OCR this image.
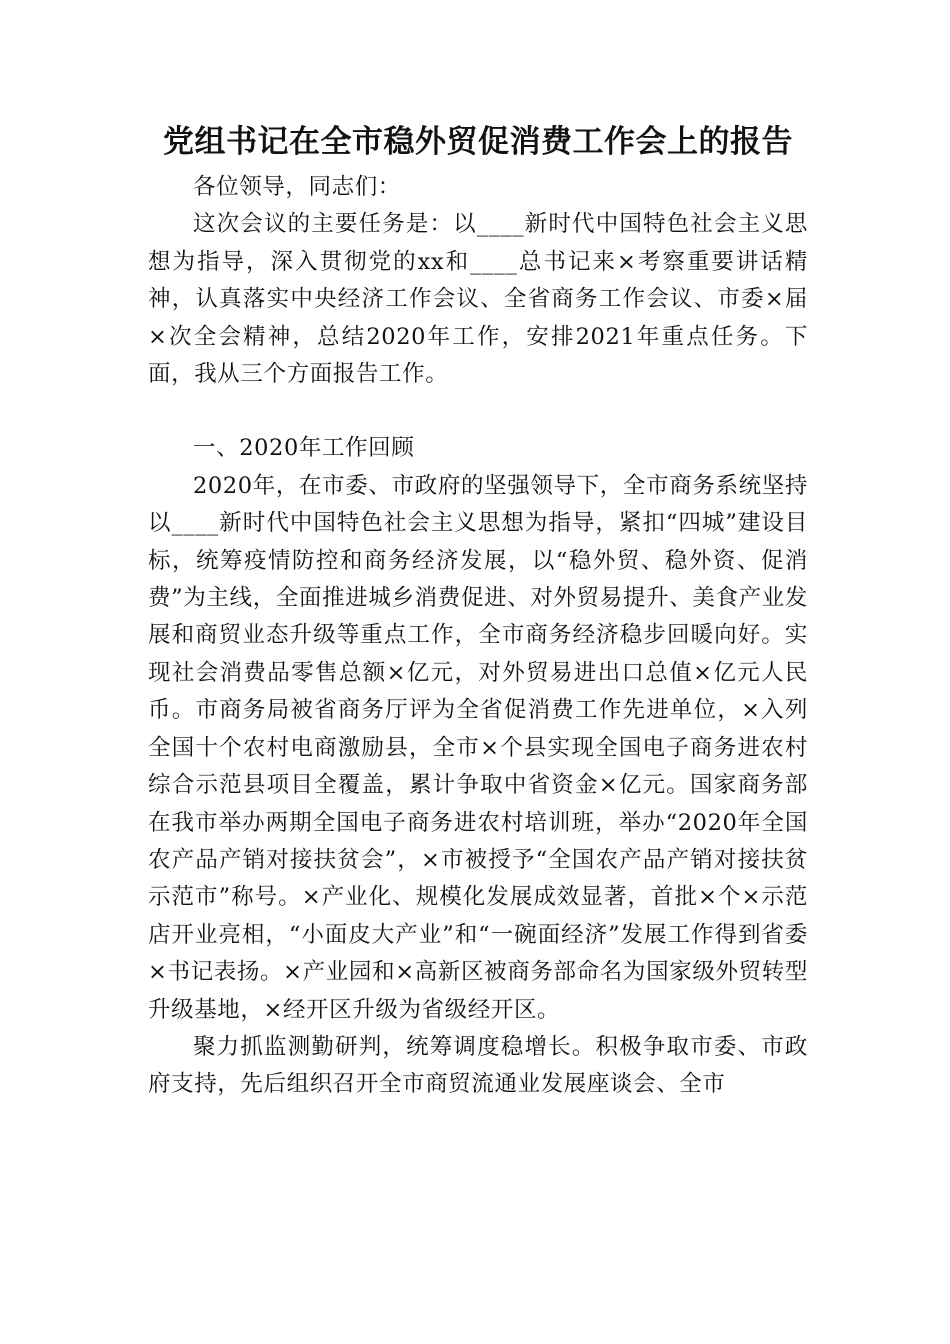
党组书记在全市稳外贸促消费工作会上的报告

各位领导，同志们：

这次会议的主要任务是：以____新时代中国特色社会主义思想为指导，深入贯彻党的xx和____总书记来×考察重要讲话精神，认真落实中央经济工作会议、全省商务工作会议、市委×届×次全会精神，总结2020年工作，安排2021年重点任务。下面，我从三个方面报告工作。

一、2020年工作回顾

2020年，在市委、市政府的坚强领导下，全市商务系统坚持以____新时代中国特色社会主义思想为指导，紧扣“四城”建设目标，统筹疫情防控和商务经济发展，以“稳外贸、稳外资、促消费”为主线，全面推进城乡消费促进、对外贸易提升、美食产业发展和商贸业态升级等重点工作，全市商务经济稳步回暖向好。实现社会消费品零售总额×亿元，对外贸易进出口总值×亿元人民币。市商务局被省商务厅评为全省促消费工作先进单位，×入列全国十个农村电商激励县，全市×个县实现全国电子商务进农村综合示范县项目全覆盖，累计争取中省资金×亿元。国家商务部在我市举办两期全国电子商务进农村培训班，举办“2020年全国农产品产销对接扶贫会”，×市被授予“全国农产品产销对接扶贫示范市”称号。×产业化、规模化发展成效显著，首批×个×示范店开业亮相，“小面皮大产业”和“一碗面经济”发展工作得到省委×书记表扬。×产业园和×高新区被商务部命名为国家级外贸转型升级基地，×经开区升级为省级经开区。

聚力抓监测勤研判，统筹调度稳增长。积极争取市委、市政府支持，先后组织召开全市商贸流通业发展座谈会、全市
